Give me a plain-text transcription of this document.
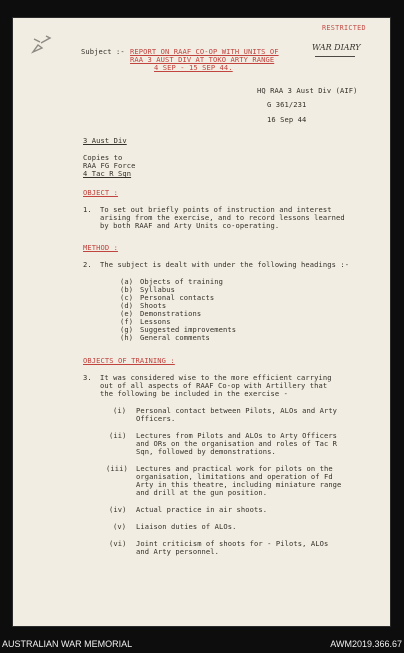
RESTRICTED
WAR DIARY
Subject :- REPORT ON RAAF CO-OP WITH UNITS OF
RAA 3 AUST DIV AT TOKO ARTY RANGE
4 SEP - 15 SEP 44.
HQ RAA 3 Aust Div (AIF)
G 361/231
16 Sep 44
3 Aust Div
Copies to
RAA FG Force
4 Tac R Sqn
OBJECT :
1. To set out briefly points of instruction and interest
arising from the exercise, and to record lessons learned
by both RAAF and Arty Units co-operating.
METHOD :
2. The subject is dealt with under the following headings :-
(a) Objects of training
(b) Syllabus
(c) Personal contacts
(d) Shoots
(e) Demonstrations
(f) Lessons
(g) Suggested improvements
(h) General comments
OBJECTS OF TRAINING :
3. It was considered wise to the more efficient carrying
out of all aspects of RAAF Co-op with Artillery that
the following be included in the exercise -
(i) Personal contact between Pilots, ALOs and Arty
Officers.
(ii) Lectures from Pilots and ALOs to Arty Officers
and ORs on the organisation and roles of Tac R
Sqn, followed by demonstrations.
(iii) Lectures and practical work for pilots on the
organisation, limitations and operation of Fd
Arty in this theatre, including miniature range
and drill at the gun position.
(iv) Actual practice in air shoots.
(v) Liaison duties of ALOs.
(vi) Joint criticism of shoots for - Pilots, ALOs
and Arty personnel.
AUSTRALIAN WAR MEMORIAL	AWM2019.366.67
